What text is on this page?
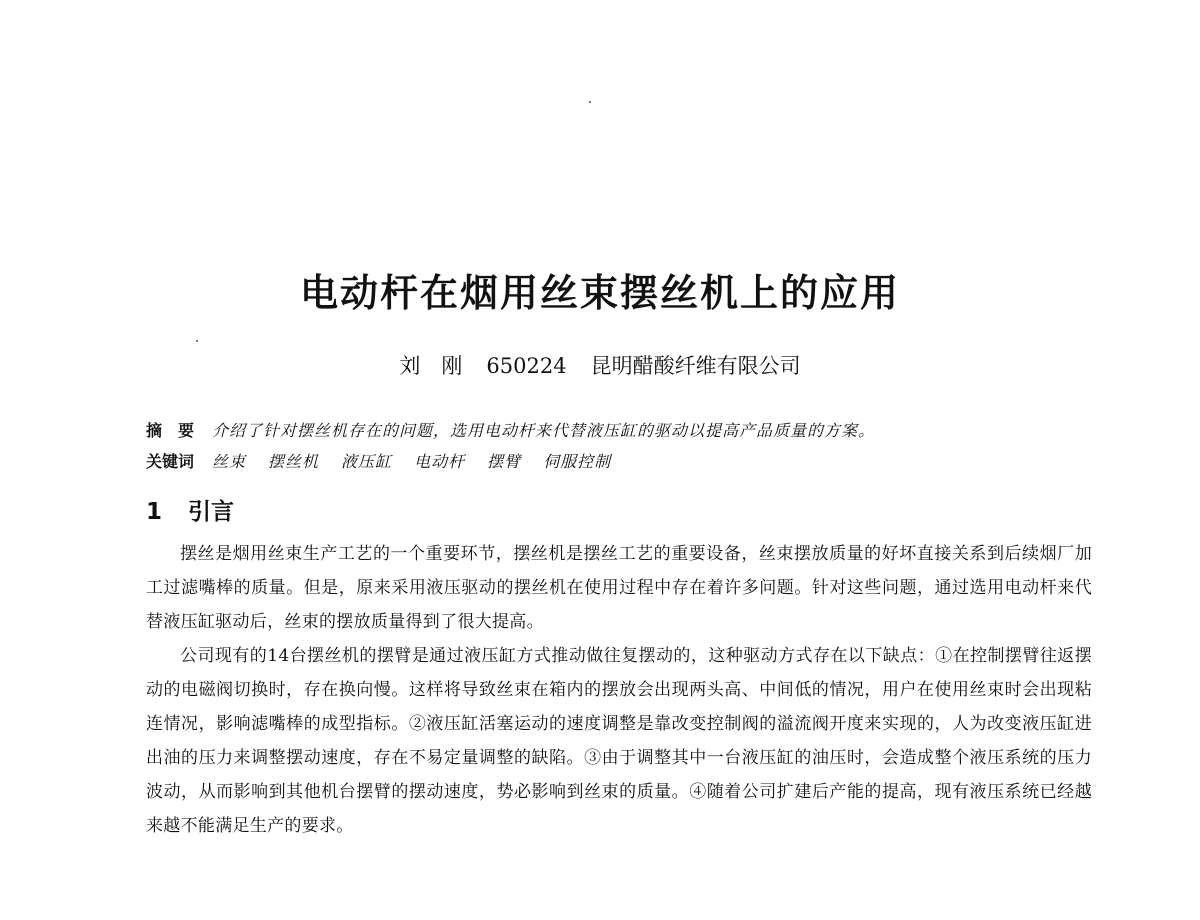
电动杆在烟用丝束摆丝机上的应用
刘　刚 650224 昆明醋酸纤维有限公司
摘　要 介绍了针对摆丝机存在的问题，选用电动杆来代替液压缸的驱动以提高产品质量的方案。
关键词 丝束 摆丝机 液压缸 电动杆 摆臂 伺服控制
1 引言

摆丝是烟用丝束生产工艺的一个重要环节，摆丝机是摆丝工艺的重要设备，丝束摆放质量的好坏直接关系到后续烟厂加工过滤嘴棒的质量。但是，原来采用液压驱动的摆丝机在使用过程中存在着许多问题。针对这些问题，通过选用电动杆来代替液压缸驱动后，丝束的摆放质量得到了很大提高。

公司现有的14台摆丝机的摆臂是通过液压缸方式推动做往复摆动的，这种驱动方式存在以下缺点：①在控制摆臂往返摆动的电磁阀切换时，存在换向慢。这样将导致丝束在箱内的摆放会出现两头高、中间低的情况，用户在使用丝束时会出现粘连情况，影响滤嘴棒的成型指标。②液压缸活塞运动的速度调整是靠改变控制阀的溢流阀开度来实现的，人为改变液压缸进出油的压力来调整摆动速度，存在不易定量调整的缺陷。③由于调整其中一台液压缸的油压时，会造成整个液压系统的压力波动，从而影响到其他机台摆臂的摆动速度，势必影响到丝束的质量。④随着公司扩建后产能的提高，现有液压系统已经越来越不能满足生产的要求。
